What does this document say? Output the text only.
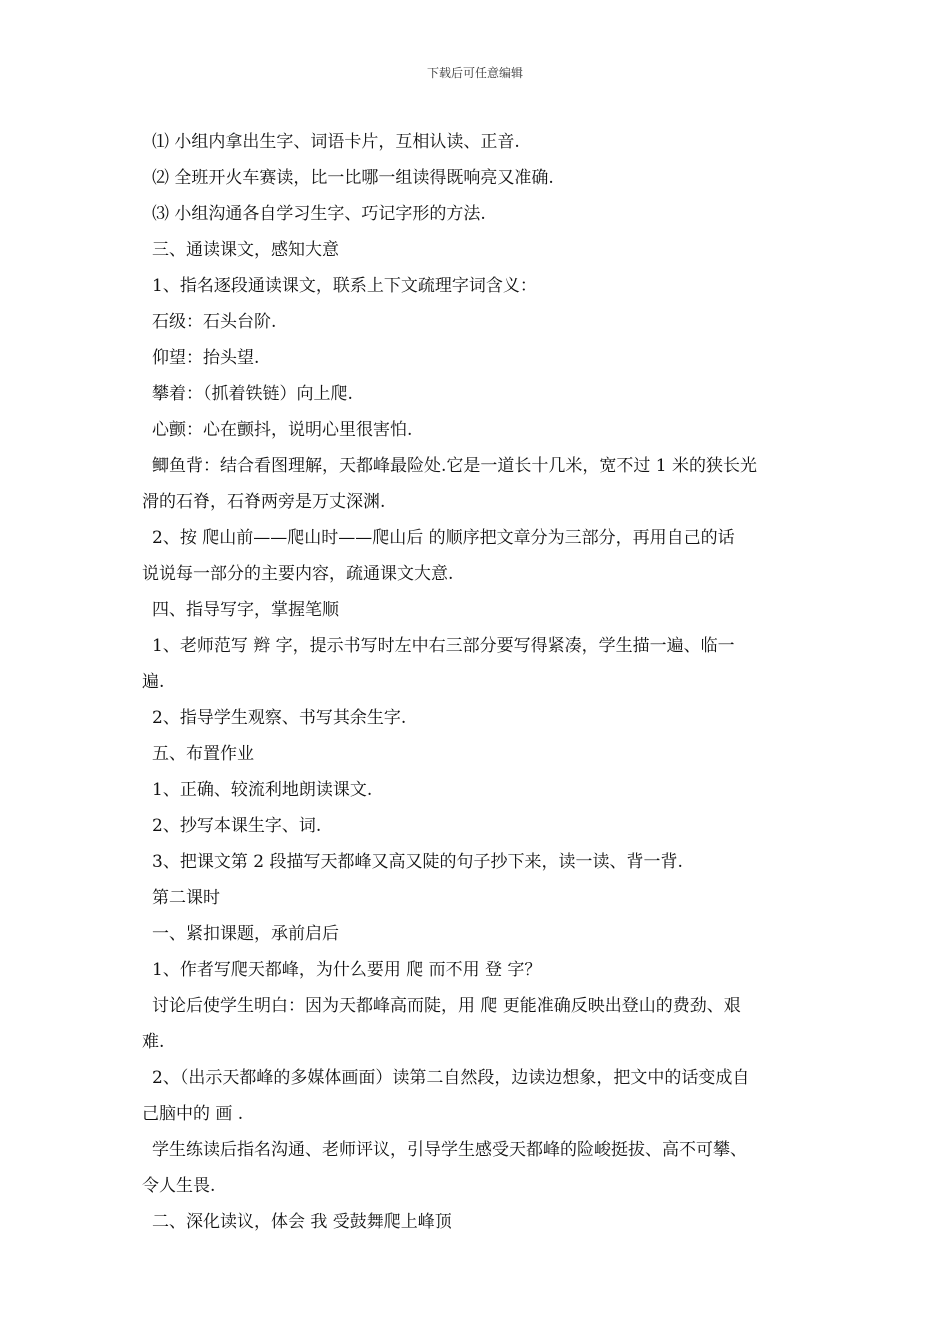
下载后可任意编辑
⑴ 小组内拿出生字、词语卡片，互相认读、正音.
⑵ 全班开火车赛读，比一比哪一组读得既响亮又准确.
⑶ 小组沟通各自学习生字、巧记字形的方法.
三、通读课文，感知大意
1、指名逐段通读课文，联系上下文疏理字词含义：
石级：石头台阶.
仰望：抬头望.
攀着：（抓着铁链）向上爬.
心颤：心在颤抖，说明心里很害怕.
鲫鱼背：结合看图理解，天都峰最险处.它是一道长十几米，宽不过 1 米的狭长光
滑的石脊，石脊两旁是万丈深渊.
2、按 爬山前——爬山时——爬山后 的顺序把文章分为三部分，再用自己的话
说说每一部分的主要内容，疏通课文大意.
四、指导写字，掌握笔顺
1、老师范写 辫 字，提示书写时左中右三部分要写得紧凑，学生描一遍、临一
遍.
2、指导学生观察、书写其余生字.
五、布置作业
1、正确、较流利地朗读课文.
2、抄写本课生字、词.
3、把课文第 2 段描写天都峰又高又陡的句子抄下来，读一读、背一背.
第二课时
一、紧扣课题，承前启后
1、作者写爬天都峰，为什么要用 爬 而不用 登 字？
讨论后使学生明白：因为天都峰高而陡，用 爬 更能准确反映出登山的费劲、艰
难.
2、（出示天都峰的多媒体画面）读第二自然段，边读边想象，把文中的话变成自
己脑中的 画 .
学生练读后指名沟通、老师评议，引导学生感受天都峰的险峻挺拔、高不可攀、
令人生畏.
二、深化读议，体会 我 受鼓舞爬上峰顶
